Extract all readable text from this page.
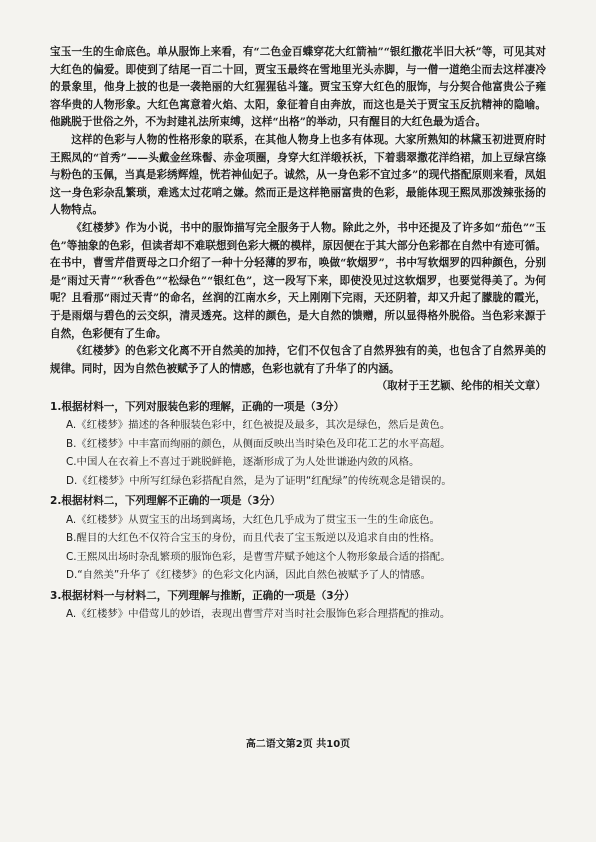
宝玉一生的生命底色。单从服饰上来看，有“二色金百蝶穿花大红箭袖”“银红撒花半旧大袄”等，可见其对大红色的偏爱。即使到了结尾一百二十回，贾宝玉最终在雪地里光头赤脚，与一僧一道绝尘而去这样凄冷的景象里，他身上披的也是一袭艳丽的大红猩猩毡斗篷。贾宝玉穿大红色的服饰，与分契合他富贵公子雍容华贵的人物形象。大红色寓意着火焰、太阳，象征着自由奔放，而这也是关于贾宝玉反抗精神的隐喻。他跳脱于世俗之外，不为封建礼法所束缚，这样“出格”的举动，只有醒目的大红色最为适合。

这样的色彩与人物的性格形象的联系，在其他人物身上也多有体现。大家所熟知的林黛玉初进贾府时王熙凤的“首秀”——头戴金丝珠髻、赤金项圈，身穿大红洋缎袄袄，下着翡翠撒花洋绉裙，加上豆绿宫绦与粉色的玉佩，当真是彩绣辉煌，恍若神仙妃子。诚然，从一身色彩不宜过多”的现代搭配原则来看，凤姐这一身色彩杂乱繁琐，难逃太过花哨之嫌。然而正是这样艳丽富贵的色彩，最能体现王熙凤那泼辣张扬的人物特点。

《红楼梦》作为小说，书中的服饰描写完全服务于人物。除此之外，书中还提及了许多如“茄色”“玉色”等抽象的色彩，但读者却不难联想到色彩大概的模样，原因便在于其大部分色彩都在自然中有迹可循。在书中，曹雪芹借贾母之口介绍了一种十分轻薄的罗布，唤做“软烟罗”，书中写软烟罗的四种颜色，分别是“雨过天青”“秋香色”“松绿色”“银红色”，这一段写下来，即使没见过这软烟罗，也要觉得美了。为何呢？且看那“雨过天青”的命名，丝润的江南水乡，天上刚刚下完雨，天还阴着，却又升起了朦胧的霞光，于是雨烟与碧色的云交织，清灵透亮。这样的颜色，是大自然的馈赠，所以显得格外脱俗。当色彩来源于自然，色彩便有了生命。

《红楼梦》的色彩文化离不开自然美的加持，它们不仅包含了自然界独有的美，也包含了自然界美的规律。同时，因为自然色被赋予了人的情感，色彩也就有了升华了的内涵。

（取材于王艺颖、纶伟的相关文章）

1.根据材料一，下列对服装色彩的理解，正确的一项是（3分）

A.《红楼梦》描述的各种服装色彩中，红色被提及最多，其次是绿色，然后是黄色。

B.《红楼梦》中丰富而绚丽的颜色，从侧面反映出当时染色及印花工艺的水平高超。

C.中国人在衣着上不喜过于跳脱鲜艳，逐渐形成了为人处世谦逊内敛的风格。

D.《红楼梦》中所写红绿色彩搭配自然，是为了证明“红配绿”的传统观念是错误的。

2.根据材料二，下列理解不正确的一项是（3分）

A.《红楼梦》从贾宝玉的出场到离场，大红色几乎成为了贯宝玉一生的生命底色。

B.醒目的大红色不仅符合宝玉的身份，而且代表了宝玉叛逆以及追求自由的性格。

C.王熙凤出场时杂乱繁琐的服饰色彩，是曹雪芹赋予她这个人物形象最合适的搭配。

D.“自然美”升华了《红楼梦》的色彩文化内涵，因此自然色被赋予了人的情感。

3.根据材料一与材料二，下列理解与推断，正确的一项是（3分）

A.《红楼梦》中借莺儿的妙语，表现出曹雪芹对当时社会服饰色彩合理搭配的推动。

高二语文第2页 共10页
